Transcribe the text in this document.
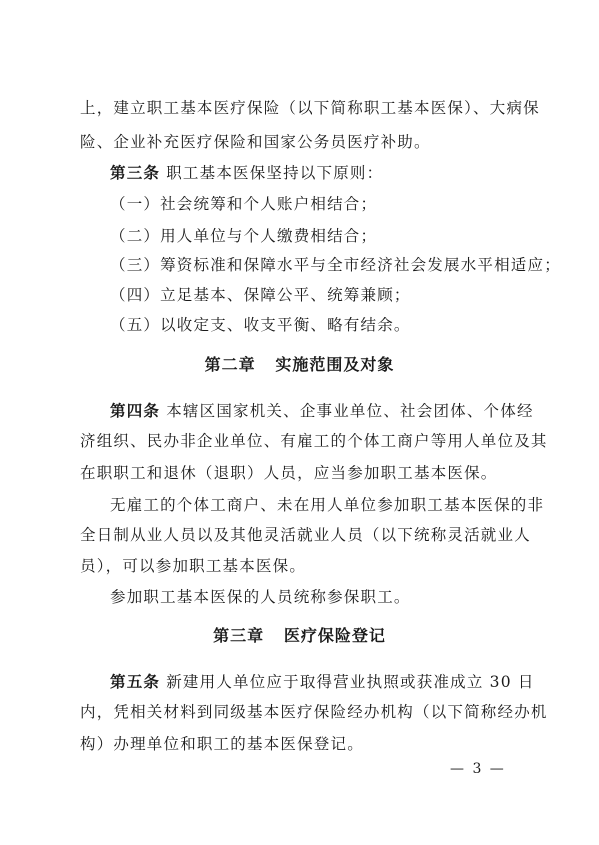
上，建立职工基本医疗保险（以下简称职工基本医保）、大病保
险、企业补充医疗保险和国家公务员医疗补助。
第三条 职工基本医保坚持以下原则：
（一）社会统筹和个人账户相结合；
（二）用人单位与个人缴费相结合；
（三）筹资标准和保障水平与全市经济社会发展水平相适应；
（四）立足基本、保障公平、统筹兼顾；
（五）以收定支、收支平衡、略有结余。
第二章   实施范围及对象
第四条 本辖区国家机关、企事业单位、社会团体、个体经
济组织、民办非企业单位、有雇工的个体工商户等用人单位及其
在职职工和退休（退职）人员，应当参加职工基本医保。
无雇工的个体工商户、未在用人单位参加职工基本医保的非
全日制从业人员以及其他灵活就业人员（以下统称灵活就业人
员），可以参加职工基本医保。
参加职工基本医保的人员统称参保职工。
第三章   医疗保险登记
第五条 新建用人单位应于取得营业执照或获准成立 30 日
内，凭相关材料到同级基本医疗保险经办机构（以下简称经办机
构）办理单位和职工的基本医保登记。
— 3 —
